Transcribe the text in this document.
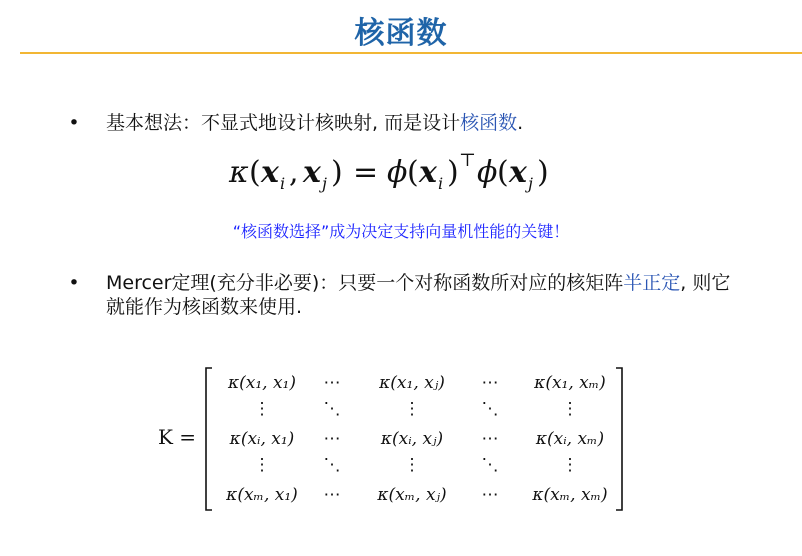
核函数
• 基本想法：不显式地设计核映射, 而是设计核函数.
κ ( x i , x j ) = ϕ ( x i ) ⊤ ϕ ( x j )
“核函数选择”成为决定支持向量机性能的关键！
• Mercer定理(充分非必要)：只要一个对称函数所对应的核矩阵半正定, 则它就能作为核函数来使用.
K =
κ(x₁, x₁) ⋯ κ(x₁, xⱼ) ⋯ κ(x₁, xₘ)
⋮	⋱	⋮	⋱	⋮
κ(xᵢ, x₁) ⋯ κ(xᵢ, xⱼ) ⋯ κ(xᵢ, xₘ)
⋮	⋱	⋮	⋱	⋮
κ(xₘ, x₁) ⋯ κ(xₘ, xⱼ) ⋯ κ(xₘ, xₘ)
